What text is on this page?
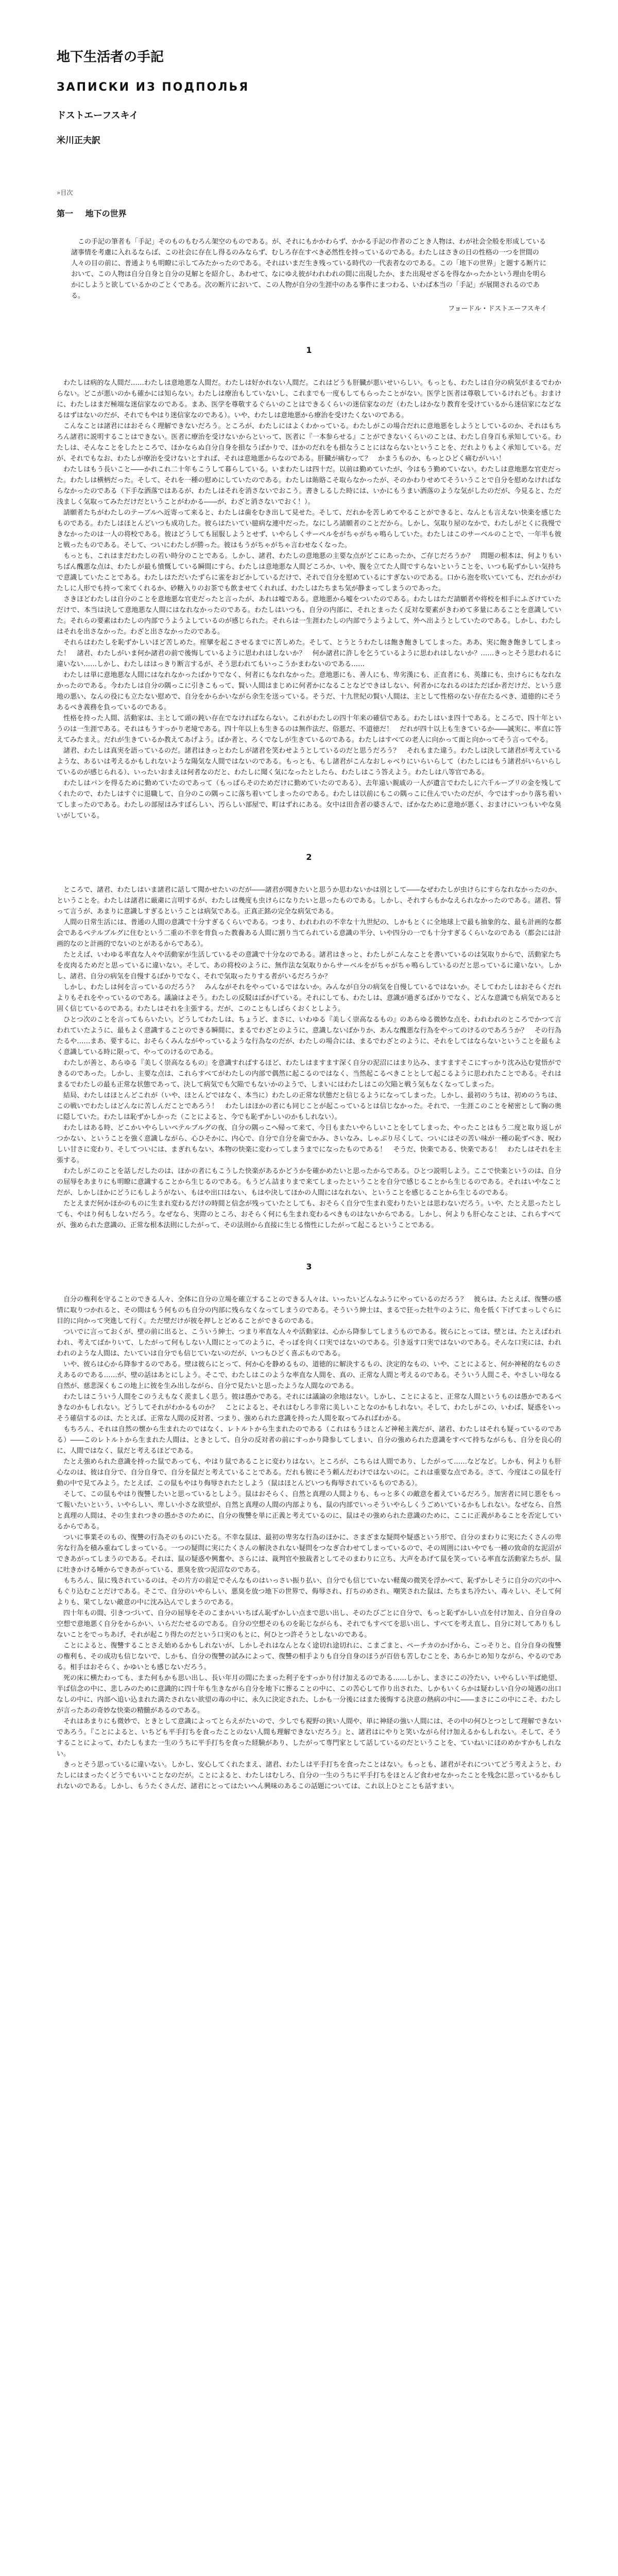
地下生活者の手記
ЗАПИСКИ ИЗ ПОДПОЛЬЯ
ドストエーフスキイ
米川正夫訳
»目次
第一 地下の世界

この手記の筆者も「手記」そのものもむろん架空のものである。が、それにもかかわらず、かかる手記の作者のごとき人物は、わが社会全般を形成している諸事情を考慮に入れるならば、この社会に存在し得るのみならず、むしろ存在すべき必然性を持っているのである。わたしはさきの日の性格の一つを世間の人々の目の前に、普通よりも明瞭に示してみたかったのである。それはいまだ生き残っている時代の一代表者なのである。この「地下の世界」と題する断片において、この人物は自分自身と自分の見解とを紹介し、あわせて、なにゆえ彼がわれわれの間に出現したか、また出現せざるを得なかったかという理由を明らかにしようと欲しているかのごとくである。次の断片において、この人物が自分の生涯中のある事件にまつわる、いわば本当の「手記」が展開されるのである。

フョードル・ドストエーフスキイ

1

わたしは病的な人間だ……わたしは意地悪な人間だ。わたしは好かれない人間だ。これはどうも肝臓が悪いせいらしい。もっとも、わたしは自分の病気がまるでわからない。どこが悪いのかも確かには知らない。わたしは療治もしていないし、これまでも一度もしてもらったことがない。医学と医者は尊敬しているけれども。おまけに、わたしはまだ極端な迷信家なのである。まあ、医学を尊敬するぐらいのことはできるくらいの迷信家なのだ（わたしはかなり教育を受けているから迷信家になどなるはずはないのだが、それでもやはり迷信家なのである）。いや、わたしは意地悪から療治を受けたくないのである。

こんなことは諸君にはおそらく理解できないだろう。ところが、わたしにはよくわかっている。わたしがこの場合だれに意地悪をしようとしているのか、それはもちろん諸君に説明することはできない。医者に療治を受けないからといって、医者に『一本参らせる』ことができないくらいのことは、わたし自身百も承知している。わたしは、そんなことをしたところで、ほかならぬ自分自身を損なうばかりで、ほかのだれをも損なうことにはならないということを、だれよりもよく承知している。だが、それでもなお、わたしが療治を受けないとすれば、それは意地悪からなのである。肝臓が痛むって？　かまうものか、もっとひどく痛むがいい！

わたしはもう長いこと――かれこれ二十年もこうして暮らしている。いまわたしは四十だ。以前は勤めていたが、今はもう勤めていない。わたしは意地悪な官吏だった。わたしは横柄だった。そして、それを一種の慰めにしていたのである。わたしは賄賂こそ取らなかったが、そのかわりせめてそういうことで自分を慰めなければならなかったのである（下手な洒落ではあるが、わたしはそれを消さないでおこう。書きしるした時には、いかにもうまい洒落のような気がしたのだが、今見ると、ただ浅ましく気取ってみただけだということがわかる――が、わざと消さないでおく！）。

請願者たちがわたしのテーブルへ近寄って来ると、わたしは歯をむき出して見せた。そして、だれかを苦しめてやることができると、なんとも言えない快楽を感じたものである。わたしはほとんどいつも成功した。彼らはたいてい臆病な連中だった。なにしろ請願者のことだから。しかし、気取り屋のなかで、わたしがとくに我慢できなかったのは一人の将校である。彼はどうしても屈服しようとせず、いやらしくサーベルをがちゃがちゃ鳴らしていた。わたしはこのサーベルのことで、一年半も彼と戦ったものである。そして、ついにわたしが勝った。彼はもうがちゃがちゃ言わせなくなった。

もっとも、これはまだわたしの若い時分のことである。しかし、諸君、わたしの意地悪の主要な点がどこにあったか、ご存じだろうか？　問題の根本は、何よりもいちばん醜悪な点は、わたしが最も憤慨している瞬間にすら、わたしは意地悪な人間どころか、いや、腹を立てた人間ですらないということを、いつも恥ずかしい気持ちで意識していたことである。わたしはただいたずらに雀をおどかしているだけで、それで自分を慰めているにすぎないのである。口から泡を吹いていても、だれかがわたしに人形でも持って来てくれるか、砂糖入りのお茶でも飲ませてくれれば、わたしはたちまち気が静まってしまうのであった。

さきほどわたしは自分のことを意地悪な官吏だったと言ったが、あれは嘘である。意地悪から嘘をついたのである。わたしはただ請願者や将校を相手にふざけていただけで、本当は決して意地悪な人間にはなれなかったのである。わたしはいつも、自分の内部に、それとまったく反対な要素がきわめて多量にあることを意識していた。それらの要素はわたしの内部でうようよしているのが感じられた。それらは一生涯わたしの内部でうようよして、外へ出ようとしていたのである。しかし、わたしはそれを出さなかった。わざと出さなかったのである。

それらはわたしを恥ずかしいほど苦しめた。痙攣を起こさせるまでに苦しめた。そして、とうとうわたしは飽き飽きしてしまった。ああ、実に飽き飽きしてしまった！　諸君、わたしがいま何か諸君の前で後悔しているように思われはしないか？　何か諸君に許しを乞うているように思われはしないか？……きっとそう思われるに違いない……しかし、わたしははっきり断言するが、そう思われてもいっこうかまわないのである……

わたしは単に意地悪な人間にはなれなかったばかりでなく、何者にもなれなかった。意地悪にも、善人にも、卑劣漢にも、正直者にも、英雄にも、虫けらにもなれなかったのである。今わたしは自分の隅っこに引きこもって、賢い人間はまじめに何者かになることなどできはしない、何者かになれるのはただばか者だけだ、という意地の悪い、なんの役にも立たない慰めで、自分をからかいながら余生を送っている。そうだ、十九世紀の賢い人間は、主として性格のない存在たるべき、道徳的にそうあるべき義務を負っているのである。

性格を持った人間、活動家は、主として頭の鈍い存在でなければならない。これがわたしの四十年来の確信である。わたしはいま四十である。ところで、四十年というのは一生涯である。それはもうすっかり老境である。四十年以上も生きるのは無作法だ、俗悪だ、不道徳だ！　だれが四十以上も生きているか――誠実に、率直に答えてみたまえ。だれが生きているか教えてあげよう。ばか者と、ろくでなしが生きているのである。わたしはすべての老人に向かって面と向かってそう言ってやる。

諸君、わたしは真実を語っているのだ。諸君はきっとわたしが諸君を笑わせようとしているのだと思うだろう？　それもまた違う。わたしは決して諸君が考えているような、あるいは考えるかもしれないような陽気な人間ではないのである。もっとも、もし諸君がこんなおしゃべりにいらいらして（わたしにはもう諸君がいらいらしているのが感じられる）、いったいおまえは何者なのだと、わたしに聞く気になったとしたら、わたしはこう答えよう。わたしは八等官である。

わたしはパンを得るために勤めていたのであって（もっぱらそのためだけに勤めていたのである）、去年遠い親戚の一人が遺言でわたしに六千ルーブリの金を残してくれたので、わたしはすぐに退職して、自分のこの隅っこに落ち着いてしまったのである。わたしは以前にもこの隅っこに住んでいたのだが、今ではすっかり落ち着いてしまったのである。わたしの部屋はみすぼらしい、汚らしい部屋で、町はずれにある。女中は田舎者の婆さんで、ばかなために意地が悪く、おまけにいつもいやな臭いがしている。

2

ところで、諸君、わたしはいま諸君に話して聞かせたいのだが――諸君が聞きたいと思うか思わないかは別として――なぜわたしが虫けらにすらなれなかったのか、ということを。わたしは諸君に厳粛に言明するが、わたしは幾度も虫けらになりたいと思ったものである。しかし、それすらもかなえられなかったのである。諸君、誓って言うが、あまりに意識しすぎるということは病気である。正真正銘の完全な病気である。

人間の日常生活には、普通の人間の意識で十分すぎるくらいである。つまり、われわれの不幸な十九世紀の、しかもとくに全地球上で最も抽象的な、最も計画的な都会であるペテルブルグに住むという二重の不幸を背負った教養ある人間に割り当てられている意識の半分、いや四分の一でも十分すぎるくらいなのである（都会には計画的なのと計画的でないのとがあるからである）。

たとえば、いわゆる率直な人々や活動家が生活しているその意識で十分なのである。諸君はきっと、わたしがこんなことを書いているのは気取りからで、活動家たちを皮肉るためだと思っているに違いない。そして、あの将校のように、無作法な気取りからサーベルをがちゃがちゃ鳴らしているのだと思っているに違いない。しかし、諸君、自分の病気を自慢するばかりでなく、それで気取ったりする者がいるだろうか？

しかし、わたしは何を言っているのだろう？　みんながそれをやっているではないか。みんなが自分の病気を自慢しているではないか。そしてわたしはおそらくだれよりもそれをやっているのである。議論はよそう。わたしの反駁はばかげている。それにしても、わたしは、意識が過ぎるばかりでなく、どんな意識でも病気であると固く信じているのである。わたしはそれを主張する。だが、このこともしばらくおくとしよう。

ひとつ次のことを言ってもらいたい。どうしてわたしは、ちょうど、まさに、いわゆる『美しく崇高なるもの』のあらゆる微妙な点を、われわれのところでかつて言われていたように、最もよく意識することのできる瞬間に、まるでわざとのように、意識しないばかりか、あんな醜悪な行為をやってのけるのであろうか？　その行為たるや……まあ、要するに、おそらくみんながやっているような行為なのだが、わたしの場合には、まるでわざとのように、それをしてはならないということを最もよく意識している時に限って、やってのけるのである。

わたしが善と、あらゆる『美しく崇高なるもの』を意識すればするほど、わたしはますます深く自分の泥沼にはまり込み、ますますそこにすっかり沈み込む覚悟ができるのであった。しかし、主要な点は、これらすべてがわたしの内部で偶然に起こるのではなく、当然起こるべきこととして起こるように思われたことである。それはまるでわたしの最も正常な状態であって、決して病気でも欠陥でもないかのようで、しまいにはわたしはこの欠陥と戦う気もなくなってしまった。

結局、わたしはほとんどこれが（いや、ほとんどではなく、本当に）わたしの正常な状態だと信じるようになってしまった。しかし、最初のうちは、初めのうちは、この戦いでわたしはどんなに苦しんだことであろう！　わたしはほかの者にも同じことが起こっているとは信じなかった。それで、一生涯このことを秘密として胸の奥に隠していた。わたしは恥ずかしかった（ことによると、今でも恥ずかしいのかもしれない）。

わたしはある時、どこかいやらしいペテルブルグの夜、自分の隅っこへ帰って来て、今日もまたいやらしいことをしてしまった、やったことはもう二度と取り返しがつかない、ということを強く意識しながら、心ひそかに、内心で、自分で自分を歯でかみ、さいなみ、しゃぶり尽くして、ついにはその苦い味が一種の恥ずべき、呪わしい甘さに変わり、そしてついには、まぎれもない、本物の快楽に変わってしまうまでになったものである！　そうだ、快楽である、快楽である！　わたしはそれを主張する。

わたしがこのことを話しだしたのは、ほかの者にもこうした快楽があるかどうかを確かめたいと思ったからである。ひとつ説明しよう。ここで快楽というのは、自分の屈辱をあまりにも明瞭に意識することから生じるのである。もうどん詰まりまで来てしまったということを自分で感じることから生じるのである。それはいやなことだが、しかしほかにどうにもしようがない、もはや出口はない、もはや決してほかの人間にはなれない、ということを感じることから生じるのである。

たとえまだ何かほかのものに生まれ変わるだけの時間と信念が残っていたとしても、おそらく自分で生まれ変わりたいとは思わないだろう。いや、たとえ思ったとしても、やはり何もしないだろう。なぜなら、実際のところ、おそらく何にも生まれ変わるべきものはないからである。しかし、何よりも肝心なことは、これらすべてが、強められた意識の、正常な根本法則にしたがって、その法則から直接に生じる惰性にしたがって起こるということである。

3

自分の権利を守ることのできる人々、全体に自分の立場を確立することのできる人々は、いったいどんなふうにやっているのだろう？　彼らは、たとえば、復讐の感情に取りつかれると、その間はもう何ものも自分の内部に残らなくなってしまうのである。そういう紳士は、まるで狂った牡牛のように、角を低く下げてまっしぐらに目的に向かって突進して行く。ただ壁だけが彼を押しとどめることができるのである。

ついでに言っておくが、壁の前に出ると、こういう紳士、つまり率直な人々や活動家は、心から降参してしまうものである。彼らにとっては、壁とは、たとえばわれわれ、考えてばかりいて、したがって何もしない人間にとってのように、そっぽを向く口実ではないのである。引き返す口実ではないのである。そんな口実には、われわれのような人間は、たいていは自分でも信じていないのだが、いつもひどく喜ぶものである。

いや、彼らは心から降参するのである。壁は彼らにとって、何か心を静めるもの、道徳的に解決するもの、決定的なもの、いや、ことによると、何か神秘的なものさえあるのである……が、壁の話はあとにしよう。そこで、わたしはこのような率直な人間を、真の、正常な人間と考えるのである。そういう人間こそ、やさしい母なる自然が、慈悲深くもこの地上に彼を生み出しながら、自分で見たいと思ったような人間なのである。

わたしはこういう人間をこのうえもなく羨ましく思う。彼は愚かである。それには議論の余地はない。しかし、ことによると、正常な人間というものは愚かであるべきなのかもしれない。どうしてそれがわかるものか？　ことによると、それはむしろ非常に美しいことなのかもしれない。そして、わたしがこの、いわば、疑惑をいっそう確信するのは、たとえば、正常な人間の反対者、つまり、強められた意識を持った人間を取ってみればわかる。

もちろん、それは自然の懐から生まれたのではなく、レトルトから生まれたのである（これはもうほとんど神秘主義だが、諸君、わたしはそれも疑っているのである）――このレトルトから生まれた人間は、ときとして、自分の反対者の前にすっかり降参してしまい、自分の強められた意識をすべて持ちながらも、自分を良心的に、人間ではなく、鼠だと考えるほどである。

たとえ強められた意識を持った鼠であっても、やはり鼠であることに変わりはない。ところが、こちらは人間であり、したがって……などなど。しかも、何よりも肝心なのは、彼は自分で、自分自身で、自分を鼠だと考えていることである。だれも彼にそう頼んだわけではないのに。これは重要な点である。さて、今度はこの鼠を行動の中で見てみよう。たとえば、この鼠もやはり侮辱されたとしよう（鼠はほとんどいつも侮辱されているものである）。

そして、この鼠もやはり復讐したいと思っているとしよう。鼠はおそらく、自然と真理の人間よりも、もっと多くの敵意を蓄えているだろう。加害者に同じ悪をもって報いたいという、いやらしい、卑しい小さな欲望が、自然と真理の人間の内部よりも、鼠の内部でいっそういやらしくうごめいているかもしれない。なぜなら、自然と真理の人間は、その生まれつきの愚かさのために、自分の復讐を単に正義と考えているのに、鼠はその強められた意識のために、ここに正義があることを否定しているからである。

ついに事業そのもの、復讐の行為そのものにいたる。不幸な鼠は、最初の卑劣な行為のほかに、さまざまな疑問や疑惑という形で、自分のまわりに実にたくさんの卑劣な行為を積み重ねてしまっている。一つの疑問に実にたくさんの解決されない疑問をつなぎ合わせてしまっているので、その周囲にはいやでも一種の致命的な泥沼ができあがってしまうのである。それは、鼠の疑惑や興奮や、さらには、裁判官や独裁者としてそのまわりに立ち、大声をあげて鼠を笑っている率直な活動家たちが、鼠に吐きかける唾からできあがっている、悪臭を放つ泥沼なのである。

もちろん、鼠に残されているのは、その片方の前足でそんなものはいっさい振り払い、自分でも信じていない軽蔑の微笑を浮かべて、恥ずかしそうに自分の穴の中へもぐり込むことだけである。そこで、自分のいやらしい、悪臭を放つ地下の世界で、侮辱され、打ちのめされ、嘲笑された鼠は、たちまち冷たい、毒々しい、そして何よりも、果てしない敵意の中に沈み込んでしまうのである。

四十年もの間、引きつづいて、自分の屈辱をそのこまかいいちばん恥ずかしい点まで思い出し、そのたびごとに自分で、もっと恥ずかしい点を付け加え、自分自身の空想で意地悪く自分をからかい、いらだたせるのである。自分の空想そのものを恥じながらも、それでもすべてを思い出し、すべてを考え直し、自分に対してありもしないことをでっちあげ、それが起こり得たのだという口実のもとに、何ひとつ許そうとしないのである。

ことによると、復讐することさえ始めるかもしれないが、しかしそれはなんとなく途切れ途切れに、こまごまと、ペーチカのかげから、こっそりと、自分自身の復讐の権利も、その成功も信じないで、しかも、自分の復讐の試みによって、復讐の相手よりも自分自身のほうが百倍も苦しむことを、あらかじめ知りながら、やるのである。相手はおそらく、かゆいとも感じないだろう。

死の床に横たわっても、また何もかも思い出し、長い年月の間にたまった利子をすっかり付け加えるのである……しかし、まさにこの冷たい、いやらしい半ば絶望、半ば信念の中に、悲しみのために意識的に四十年も生きながら自分を地下に葬ることの中に、この苦心して作り出された、しかもいくらかは疑わしい自分の境遇の出口なしの中に、内部へ追い込まれた満たされない欲望の毒の中に、永久に決定された、しかも一分後にはまた後悔する決意の熱病の中に――まさにこの中にこそ、わたしが言ったあの奇妙な快楽の精髄があるのである。

それはあまりにも微妙で、ときとして意識によってとらえがたいので、少しでも視野の狭い人間や、単に神経の強い人間には、その中の何ひとつとして理解できないであろう。『ことによると、いちども平手打ちを食ったことのない人間も理解できないだろう』と、諸君はにやりと笑いながら付け加えるかもしれない。そして、そうすることによって、わたしもまた一生のうちに平手打ちを食った経験があり、したがって専門家として話しているのだということを、ていねいにほのめかすかもしれない。

きっとそう思っているに違いない。しかし、安心してくれたまえ、諸君、わたしは平手打ちを食ったことはない。もっとも、諸君がそれについてどう考えようと、わたしにはまったくどうでもいいことなのだが。ことによると、わたしはむしろ、自分の一生のうちに平手打ちをほとんど食わせなかったことを残念に思っているかもしれないのである。しかし、もうたくさんだ、諸君にとってはたいへん興味のあるこの話題については、これ以上ひとことも話すまい。
